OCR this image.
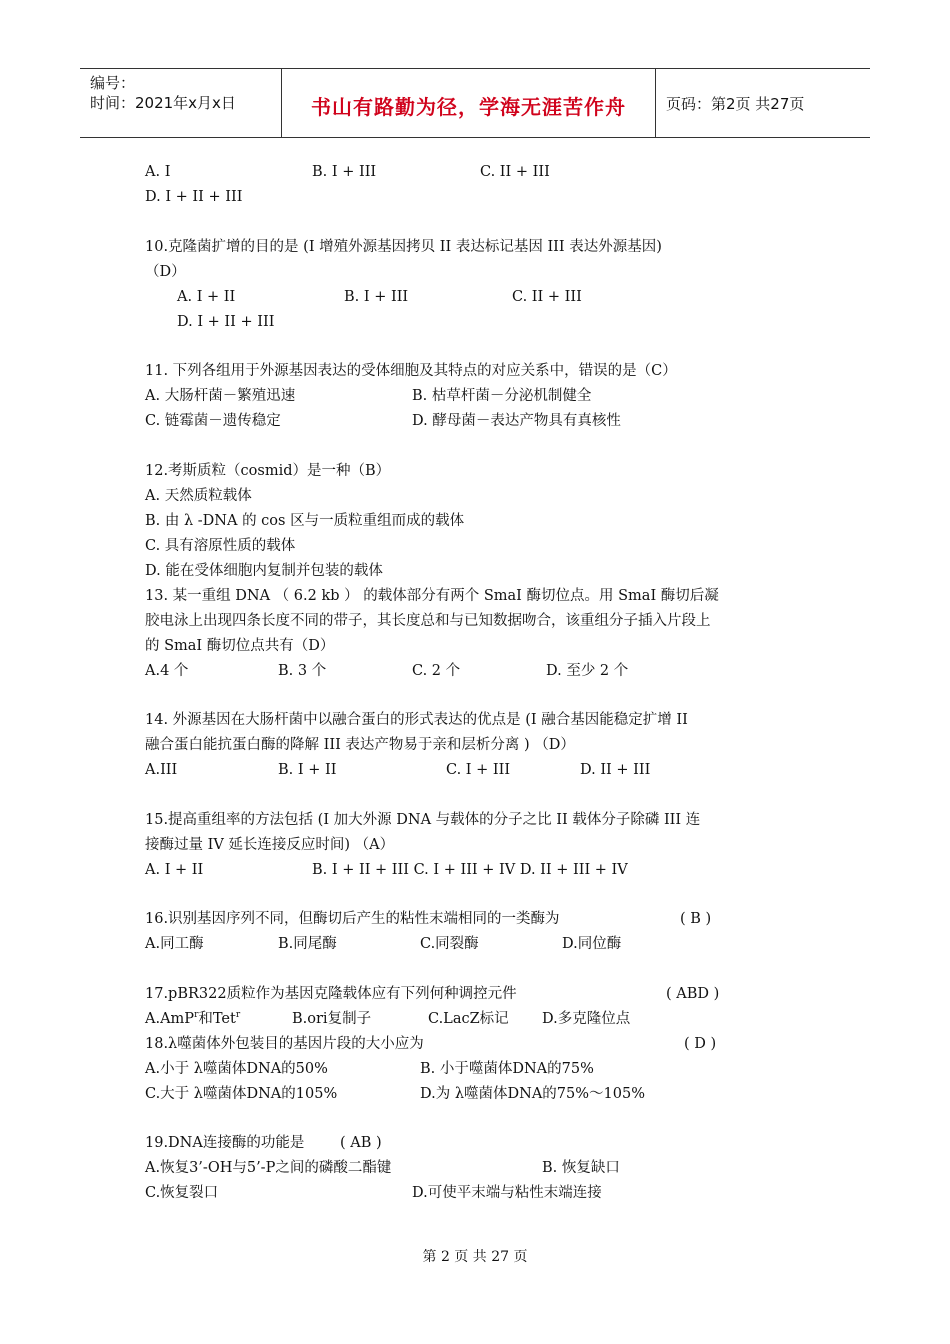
编号：
时间：2021年x月x日	书山有路勤为径，学海无涯苦作舟	页码：第2页 共27页
A. I	B. I + III	C. II + III
D. I + II + III
10.克隆菌扩增的目的是 (I 增殖外源基因拷贝 II 表达标记基因 III 表达外源基因)
（D）
A. I + II	B. I + III	C. II + III
D. I + II + III
11. 下列各组用于外源基因表达的受体细胞及其特点的对应关系中，错误的是（C）
A. 大肠杆菌－繁殖迅速	B. 枯草杆菌－分泌机制健全
C. 链霉菌－遗传稳定	D. 酵母菌－表达产物具有真核性
12.考斯质粒（cosmid）是一种（B）
A. 天然质粒载体
B. 由 λ -DNA 的 cos 区与一质粒重组而成的载体
C. 具有溶原性质的载体
D. 能在受体细胞内复制并包装的载体
13. 某一重组 DNA （ 6.2 kb ） 的载体部分有两个 SmaI 酶切位点。用 SmaI 酶切后凝
胶电泳上出现四条长度不同的带子，其长度总和与已知数据吻合，该重组分子插入片段上
的 SmaI 酶切位点共有（D）
A.4 个	B. 3 个	C. 2 个	D. 至少 2 个
14. 外源基因在大肠杆菌中以融合蛋白的形式表达的优点是 (I 融合基因能稳定扩增 II
融合蛋白能抗蛋白酶的降解 III 表达产物易于亲和层析分离 ) （D）
A.III	B. I + II	C. I + III	D. II + III
15.提高重组率的方法包括 (I 加大外源 DNA 与载体的分子之比 II 载体分子除磷 III 连
接酶过量 IV 延长连接反应时间) （A）
A. I + II	B. I + II + III C. I + III + IV D. II + III + IV
16.识别基因序列不同，但酶切后产生的粘性末端相同的一类酶为	( B )
A.同工酶	B.同尾酶	C.同裂酶	D.同位酶
17.pBR322质粒作为基因克隆载体应有下列何种调控元件	( ABD )
A.AmP$^r$和Tet$^r$	B.ori复制子	C.LacZ标记 D.多克隆位点
18.λ噬菌体外包装目的基因片段的大小应为	( D )
A.小于 λ噬菌体DNA的50%	B. 小于噬菌体DNA的75%
C.大于 λ噬菌体DNA的105%	D.为 λ噬菌体DNA的75%～105%
19.DNA连接酶的功能是 ( AB )
A.恢复3’-OH与5’-P之间的磷酸二酯键	B. 恢复缺口
C.恢复裂口	D.可使平末端与粘性末端连接
第 2 页 共 27 页
